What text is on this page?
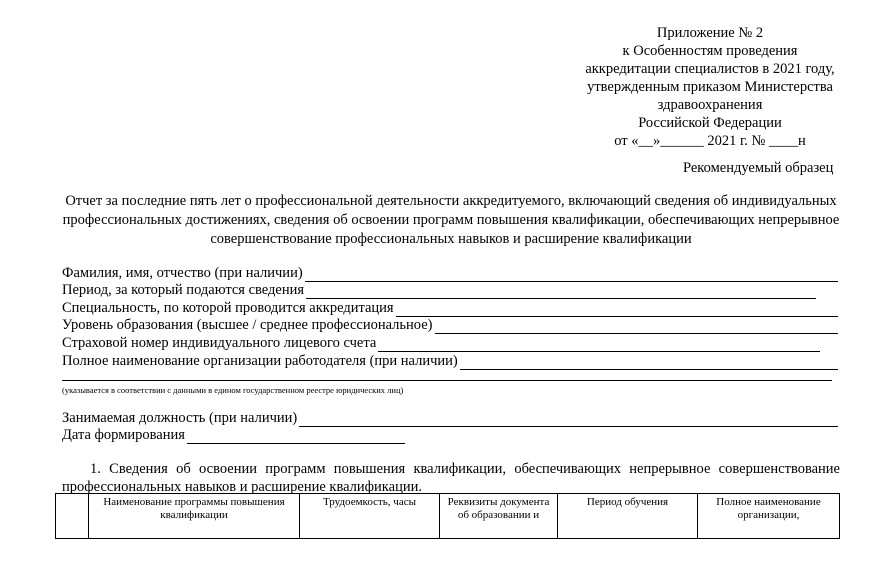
Приложение № 2
к Особенностям проведения
аккредитации специалистов в 2021 году,
утвержденным приказом Министерства
здравоохранения
Российской Федерации
от «__»______ 2021 г. № ____н
Рекомендуемый образец
Отчет за последние пять лет о профессиональной деятельности аккредитуемого, включающий сведения об индивидуальных профессиональных достижениях, сведения об освоении программ повышения квалификации, обеспечивающих непрерывное совершенствование профессиональных навыков и расширение квалификации
Фамилия, имя, отчество (при наличии)
Период, за который подаются сведения
Специальность, по которой проводится аккредитация
Уровень образования (высшее / среднее профессиональное)
Страховой номер индивидуального лицевого счета
Полное наименование организации работодателя (при наличии)
(указывается в соответствии с данными в едином государственном реестре юридических лиц)
Занимаемая должность (при наличии)
Дата формирования
1. Сведения об освоении программ повышения квалификации, обеспечивающих непрерывное совершенствование профессиональных навыков и расширение квалификации.
	Наименование программы повышения квалификации	Трудоемкость, часы	Реквизиты документа об образовании и	Период обучения	Полное наименование организации,
